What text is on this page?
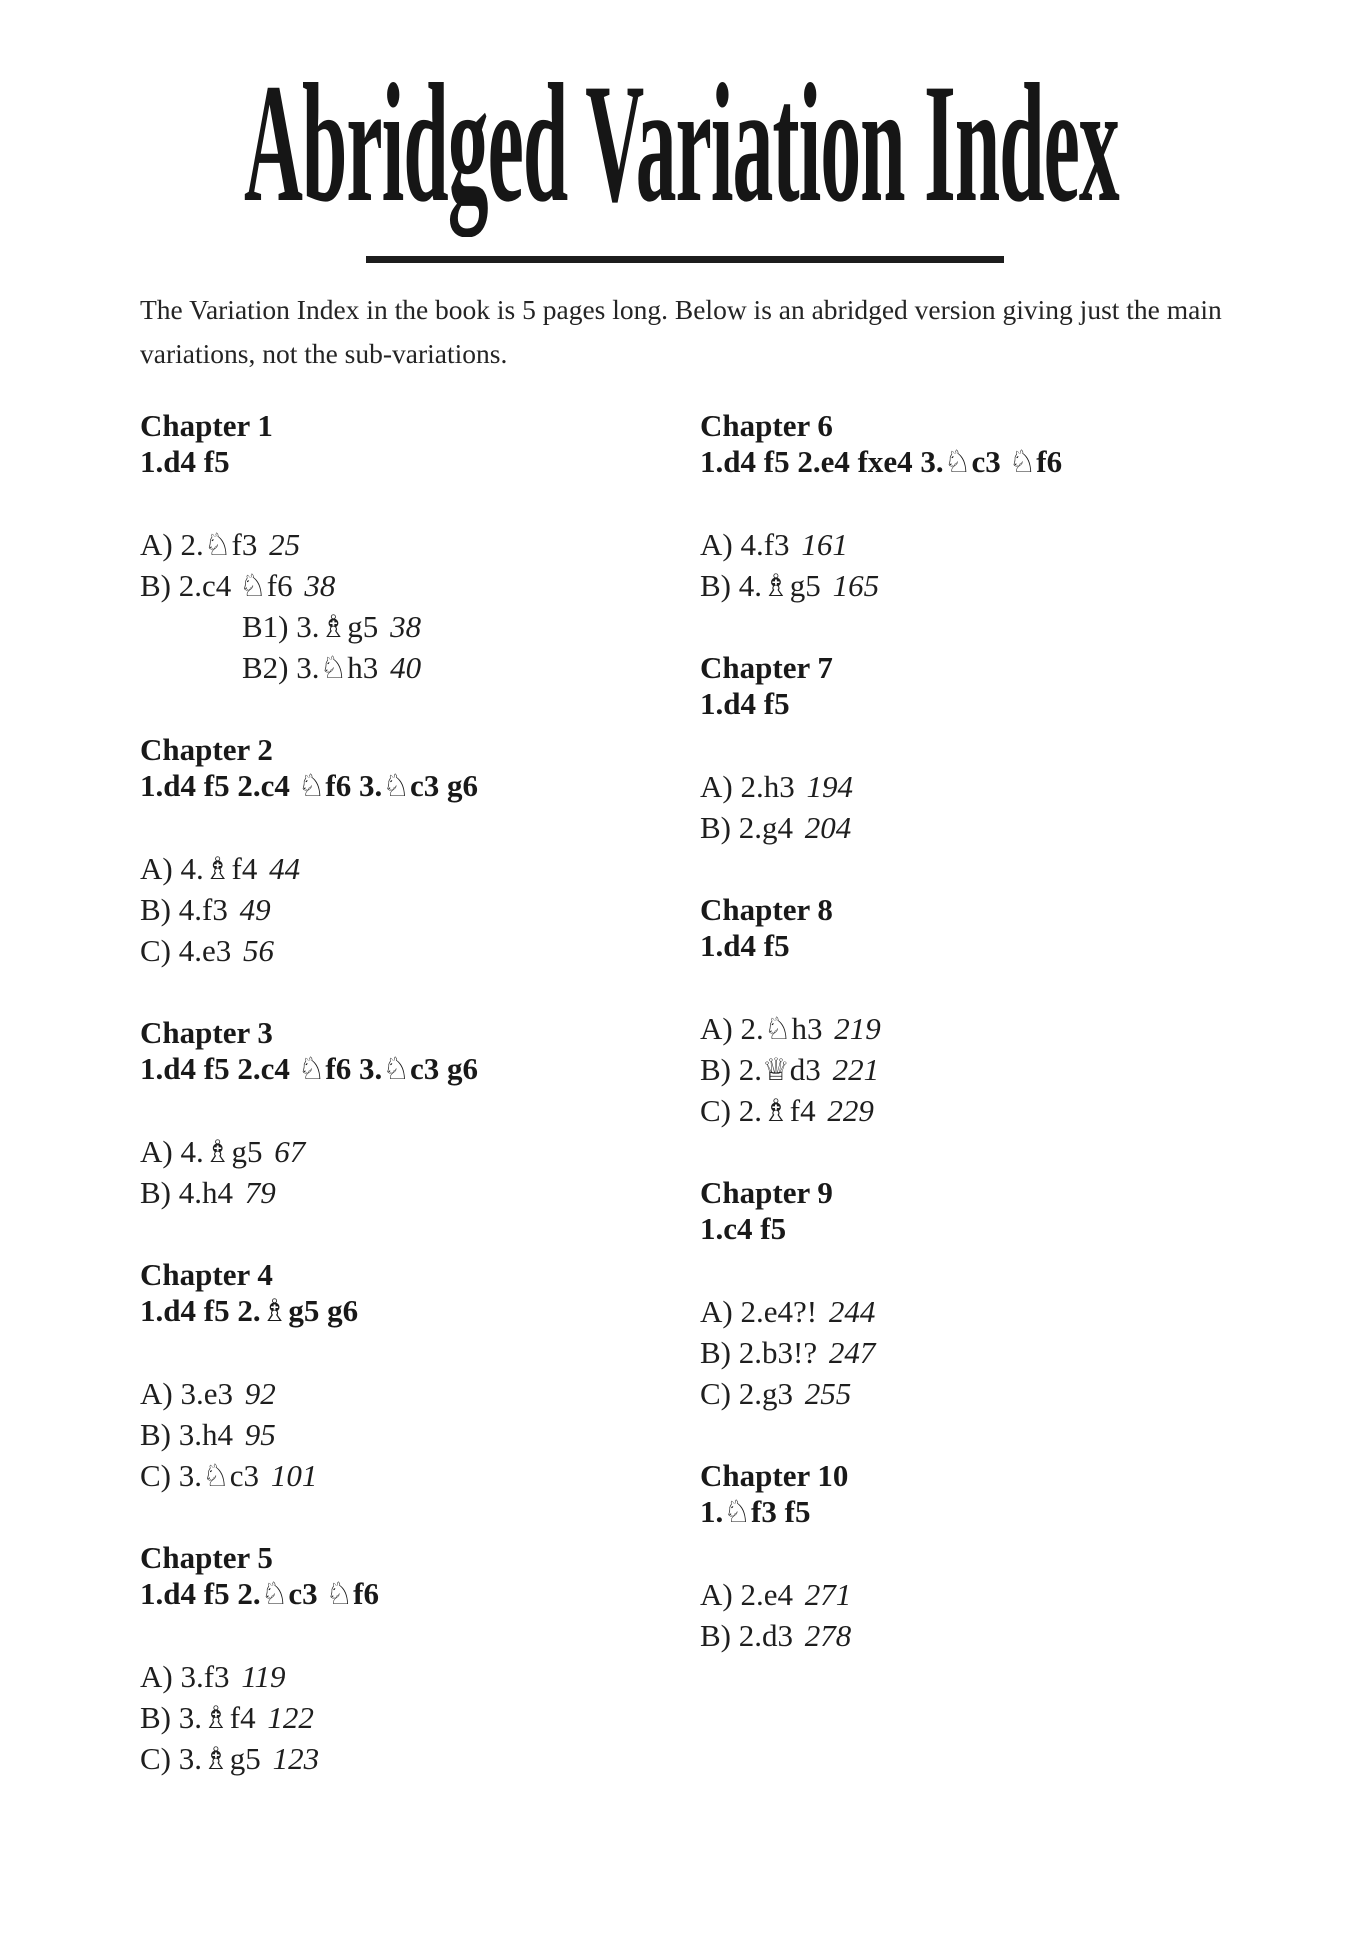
Abridged Variation Index

The Variation Index in the book is 5 pages long. Below is an abridged version giving just the main variations, not the sub-variations.

Chapter 1
1.d4 f5
A) 2.♘f3 25
B) 2.c4 ♘f6 38
B1) 3.♗g5 38
B2) 3.♘h3 40
Chapter 2
1.d4 f5 2.c4 ♘f6 3.♘c3 g6
A) 4.♗f4 44
B) 4.f3 49
C) 4.e3 56
Chapter 3
1.d4 f5 2.c4 ♘f6 3.♘c3 g6
A) 4.♗g5 67
B) 4.h4 79
Chapter 4
1.d4 f5 2.♗g5 g6
A) 3.e3 92
B) 3.h4 95
C) 3.♘c3 101
Chapter 5
1.d4 f5 2.♘c3 ♘f6
A) 3.f3 119
B) 3.♗f4 122
C) 3.♗g5 123
Chapter 6
1.d4 f5 2.e4 fxe4 3.♘c3 ♘f6
A) 4.f3 161
B) 4.♗g5 165
Chapter 7
1.d4 f5
A) 2.h3 194
B) 2.g4 204
Chapter 8
1.d4 f5
A) 2.♘h3 219
B) 2.♕d3 221
C) 2.♗f4 229
Chapter 9
1.c4 f5
A) 2.e4?! 244
B) 2.b3!? 247
C) 2.g3 255
Chapter 10
1.♘f3 f5
A) 2.e4 271
B) 2.d3 278
